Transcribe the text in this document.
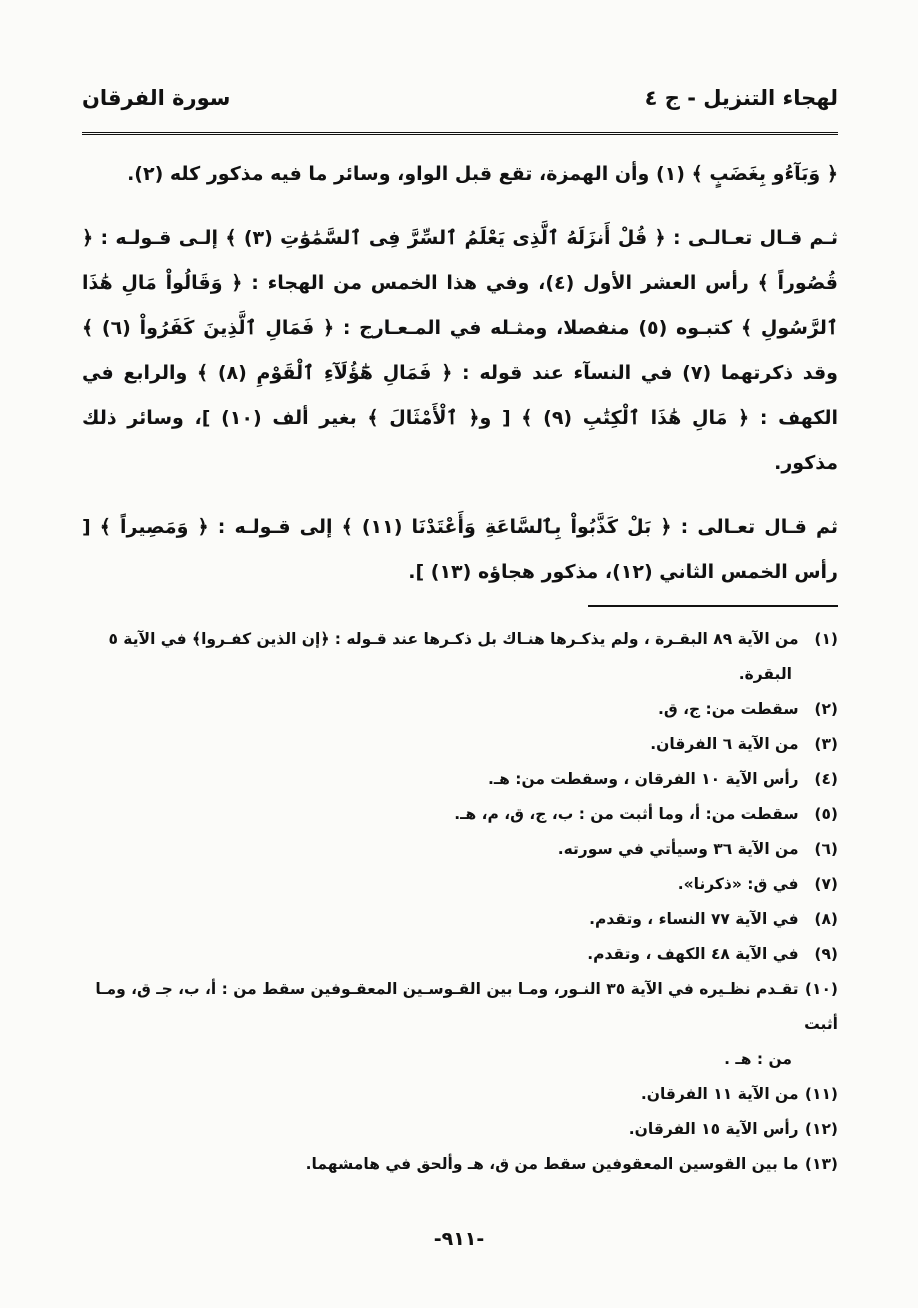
لهجاء التنزيل - ج ٤
سورة الفرقان

﴿ وَبَآءُو بِغَضَبٍ ﴾ (١) وأن الهمزة، تقع قبل الواو، وسائر ما فيه مذكور كله (٢).

ثـم قـال تعـالـى : ﴿ قُلْ أَنزَلَهُ ٱلَّذِى يَعْلَمُ ٱلسِّرَّ فِى ٱلسَّمَٰوَٰتِ (٣) ﴾ إلـى قـولـه : ﴿ قُصُوراً ﴾ رأس العشر الأول (٤)، وفي هذا الخمس من الهجاء : ﴿ وَقَالُواْ مَالِ هَٰذَا ٱلرَّسُولِ ﴾ كتبـوه (٥) منفصلا، ومثـله في المـعـارج : ﴿ فَمَالِ ٱلَّذِينَ كَفَرُواْ (٦) ﴾ وقد ذكرتهما (٧) في النسآء عند قوله : ﴿ فَمَالِ هَٰٓؤُلَآءِ ٱلْقَوْمِ (٨) ﴾ والرابع في الكهف : ﴿ مَالِ هَٰذَا ٱلْكِتَٰبِ (٩) ﴾ [ و﴿ ٱلْأَمْثَالَ ﴾ بغير ألف (١٠) ]، وسائر ذلك مذكور.

ثم قـال تعـالى : ﴿ بَلْ كَذَّبُواْ بِٱلسَّاعَةِ وَأَعْتَدْنَا (١١) ﴾ إلى قـولـه : ﴿ وَمَصِيراً ﴾ [ رأس الخمس الثاني (١٢)، مذكور هجاؤه (١٣) ].

(١) من الآية ٨٩ البقـرة ، ولم يذكـرها هنـاك بل ذكـرها عند قـوله : ﴿إن الذين كفـروا﴾ في الآية ٥
البقرة.
(٢) سقطت من: ج، ق.
(٣) من الآية ٦ الفرقان.
(٤) رأس الآية ١٠ الفرقان ، وسقطت من: هـ.
(٥) سقطت من: أ، وما أثبت من : ب، ج، ق، م، هـ.
(٦) من الآية ٣٦ وسيأتي في سورته.
(٧) في ق: «ذكرنا».
(٨) في الآية ٧٧ النساء ، وتقدم.
(٩) في الآية ٤٨ الكهف ، وتقدم.
(١٠) تقـدم نظـيره في الآية ٣٥ النـور، ومـا بين القـوسـين المعقـوفين سقط من : أ، ب، جـ ق، ومـا أثبت
من : هـ .
(١١) من الآية ١١ الفرقان.
(١٢) رأس الآية ١٥ الفرقان.
(١٣) ما بين القوسين المعقوفين سقط من ق، هـ وألحق في هامشهما.
-٩١١-
